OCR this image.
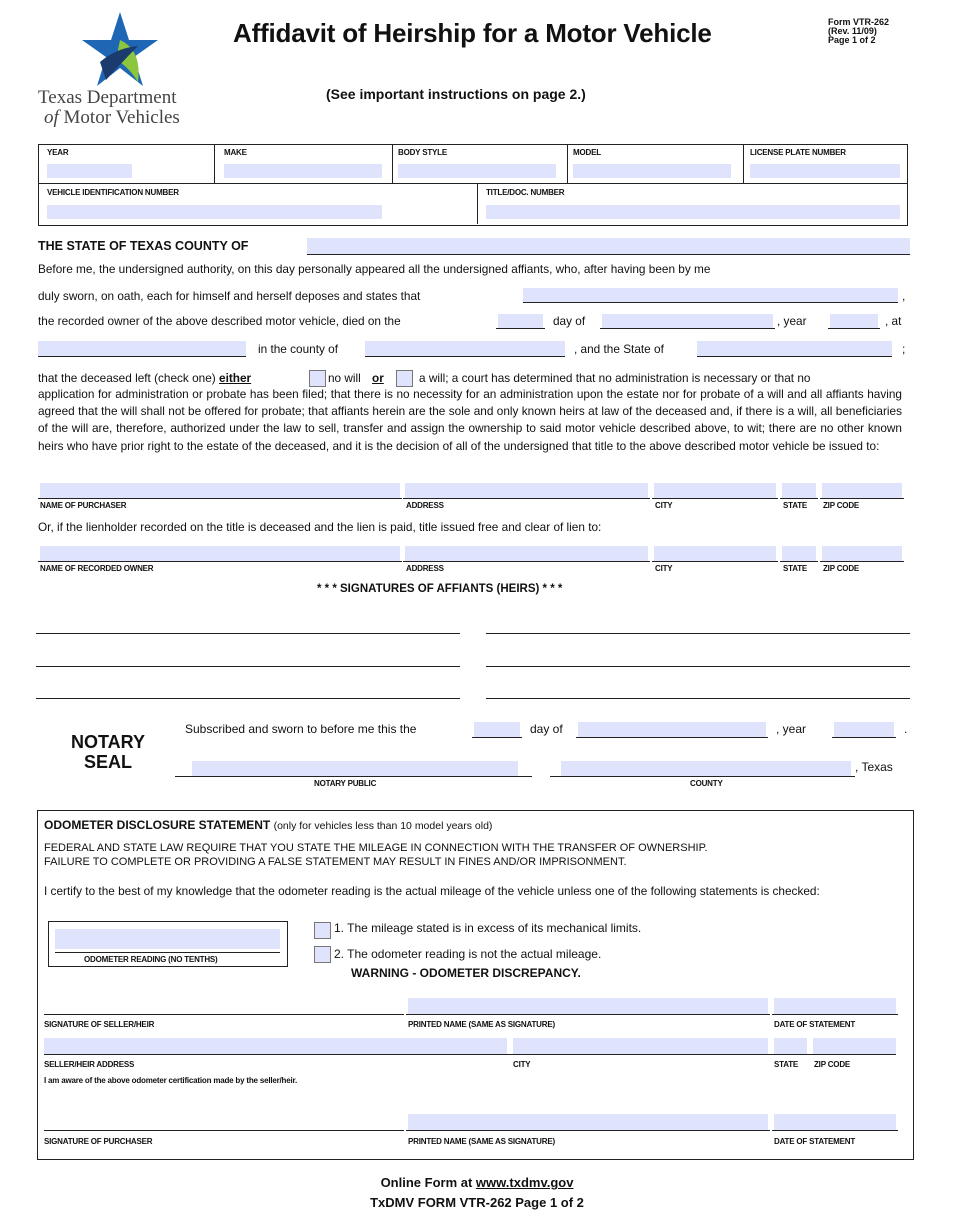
Texas Department
of Motor Vehicles
Affidavit of Heirship for a Motor Vehicle
(See important instructions on page 2.)
Form VTR-262
(Rev. 11/09)
Page 1 of 2
YEAR	MAKE	BODY STYLE	MODEL	LICENSE PLATE NUMBER
VEHICLE IDENTIFICATION NUMBER	TITLE/DOC. NUMBER
THE STATE OF TEXAS COUNTY OF
Before me, the undersigned authority, on this day personally appeared all the undersigned affiants, who, after having been by me
duly sworn, on oath, each for himself and herself deposes and states that	,
the recorded owner of the above described motor vehicle, died on the	day of	, year	, at
in the county of	, and the State of	;
that the deceased left (check one) either	no will or	a will; a court has determined that no administration is necessary or that no
application for administration or probate has been filed; that there is no necessity for an administration upon the estate nor for probate of a will and all affiants having agreed that the will shall not be offered for probate; that affiants herein are the sole and only known heirs at law of the deceased and, if there is a will, all beneficiaries of the will are, therefore, authorized under the law to sell, transfer and assign the ownership to said motor vehicle described above, to wit; there are no other known heirs who have prior right to the estate of the deceased, and it is the decision of all of the undersigned that title to the above described motor vehicle be issued to:
NAME OF PURCHASER	ADDRESS	CITY	STATE ZIP CODE
Or, if the lienholder recorded on the title is deceased and the lien is paid, title issued free and clear of lien to:
NAME OF RECORDED OWNER	ADDRESS	CITY	STATE ZIP CODE
* * * SIGNATURES OF AFFIANTS (HEIRS) * * *
NOTARY
SEAL
Subscribed and sworn to before me this the	day of	, year	.
NOTARY PUBLIC	COUNTY
, Texas
ODOMETER DISCLOSURE STATEMENT (only for vehicles less than 10 model years old)
FEDERAL AND STATE LAW REQUIRE THAT YOU STATE THE MILEAGE IN CONNECTION WITH THE TRANSFER OF OWNERSHIP.
FAILURE TO COMPLETE OR PROVIDING A FALSE STATEMENT MAY RESULT IN FINES AND/OR IMPRISONMENT.
I certify to the best of my knowledge that the odometer reading is the actual mileage of the vehicle unless one of the following statements is checked:
ODOMETER READING (NO TENTHS)
1. The mileage stated is in excess of its mechanical limits.
2. The odometer reading is not the actual mileage.
WARNING - ODOMETER DISCREPANCY.
SIGNATURE OF SELLER/HEIR	PRINTED NAME (SAME AS SIGNATURE)	DATE OF STATEMENT
SELLER/HEIR ADDRESS	CITY	STATE ZIP CODE
I am aware of the above odometer certification made by the seller/heir.
SIGNATURE OF PURCHASER	PRINTED NAME (SAME AS SIGNATURE)	DATE OF STATEMENT
Online Form at www.txdmv.gov
TxDMV FORM VTR-262 Page 1 of 2
